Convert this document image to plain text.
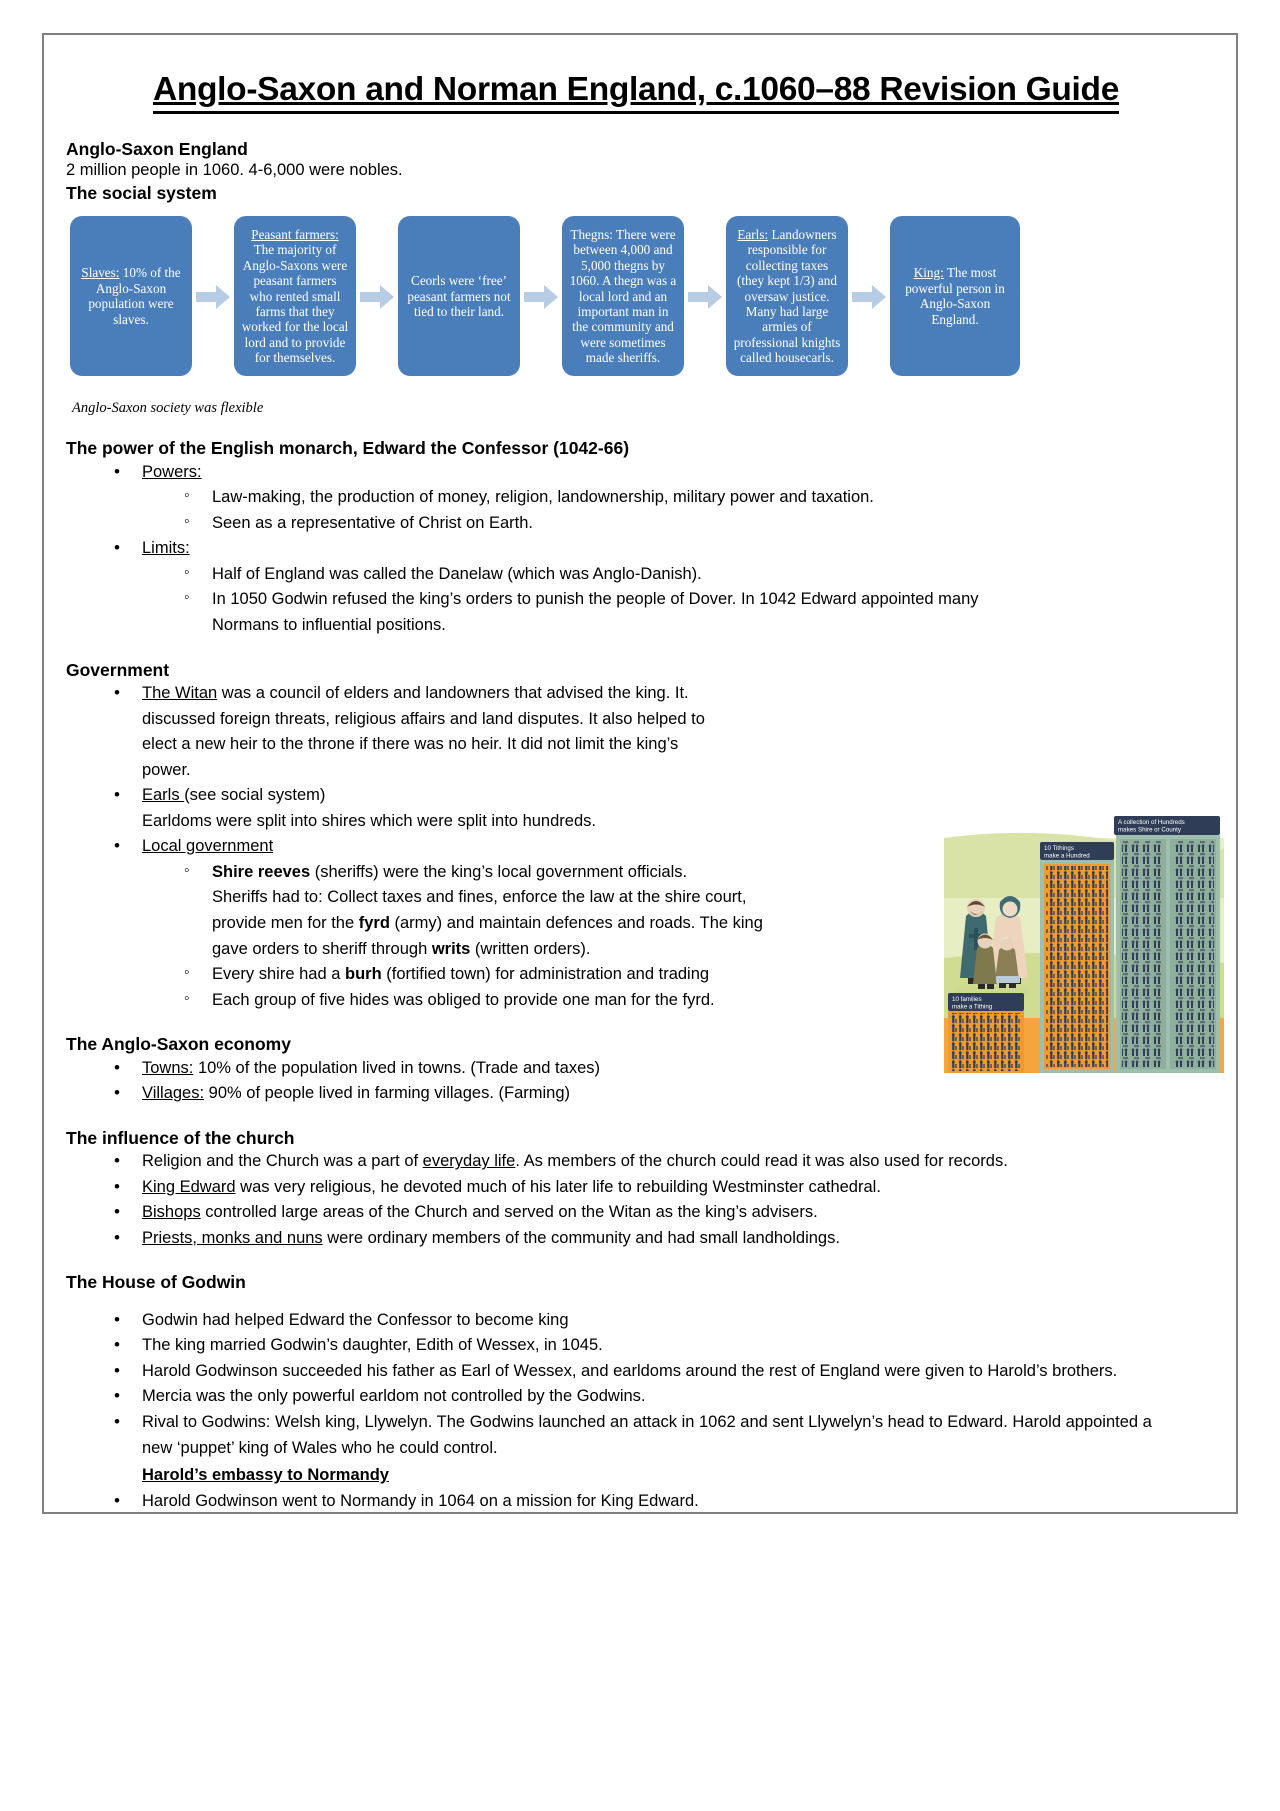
Anglo-Saxon and Norman England, c.1060–88 Revision Guide
Anglo-Saxon England
2 million people in 1060. 4-6,000 were nobles.
The social system
Slaves: 10% of the Anglo-Saxon population were slaves.
Peasant farmers: The majority of Anglo-Saxons were peasant farmers who rented small farms that they worked for the local lord and to provide for themselves.
Ceorls were ‘free’ peasant farmers not tied to their land.
Thegns: There were between 4,000 and 5,000 thegns by 1060. A thegn was a local lord and an important man in the community and were sometimes made sheriffs.
Earls: Landowners responsible for collecting taxes (they kept 1/3) and oversaw justice. Many had large armies of professional knights called housecarls.
King: The most powerful person in Anglo-Saxon England.
Anglo-Saxon society was flexible
The power of the English monarch, Edward the Confessor (1042-66)
• Powers:
◦ Law-making, the production of money, religion, landownership, military power and taxation.
◦ Seen as a representative of Christ on Earth.
• Limits:
◦ Half of England was called the Danelaw (which was Anglo-Danish).
◦ In 1050 Godwin refused the king’s orders to punish the people of Dover. In 1042 Edward appointed many Normans to influential positions.
Government
• The Witan was a council of elders and landowners that advised the king. It. discussed foreign threats, religious affairs and land disputes. It also helped to elect a new heir to the throne if there was no heir. It did not limit the king’s power.
• Earls (see social system)
Earldoms were split into shires which were split into hundreds.
• Local government
◦ Shire reeves (sheriffs) were the king’s local government officials.
Sheriffs had to: Collect taxes and fines, enforce the law at the shire court, provide men for the fyrd (army) and maintain defences and roads. The king gave orders to sheriff through writs (written orders).
◦ Every shire had a burh (fortified town) for administration and trading
◦ Each group of five hides was obliged to provide one man for the fyrd.
The Anglo-Saxon economy
• Towns: 10% of the population lived in towns. (Trade and taxes)
• Villages: 90% of people lived in farming villages. (Farming)
The influence of the church
• Religion and the Church was a part of everyday life. As members of the church could read it was also used for records.
• King Edward was very religious, he devoted much of his later life to rebuilding Westminster cathedral.
• Bishops controlled large areas of the Church and served on the Witan as the king’s advisers.
• Priests, monks and nuns were ordinary members of the community and had small landholdings.
The House of Godwin
• Godwin had helped Edward the Confessor to become king
• The king married Godwin’s daughter, Edith of Wessex, in 1045.
• Harold Godwinson succeeded his father as Earl of Wessex, and earldoms around the rest of England were given to Harold’s brothers.
• Mercia was the only powerful earldom not controlled by the Godwins.
• Rival to Godwins: Welsh king, Llywelyn. The Godwins launched an attack in 1062 and sent Llywelyn’s head to Edward. Harold appointed a new ‘puppet’ king of Wales who he could control.
Harold’s embassy to Normandy
• Harold Godwinson went to Normandy in 1064 on a mission for King Edward.
10 families
make a Tithing
10 Tithings
make a Hundred
A collection of Hundreds
makes Shire or County
